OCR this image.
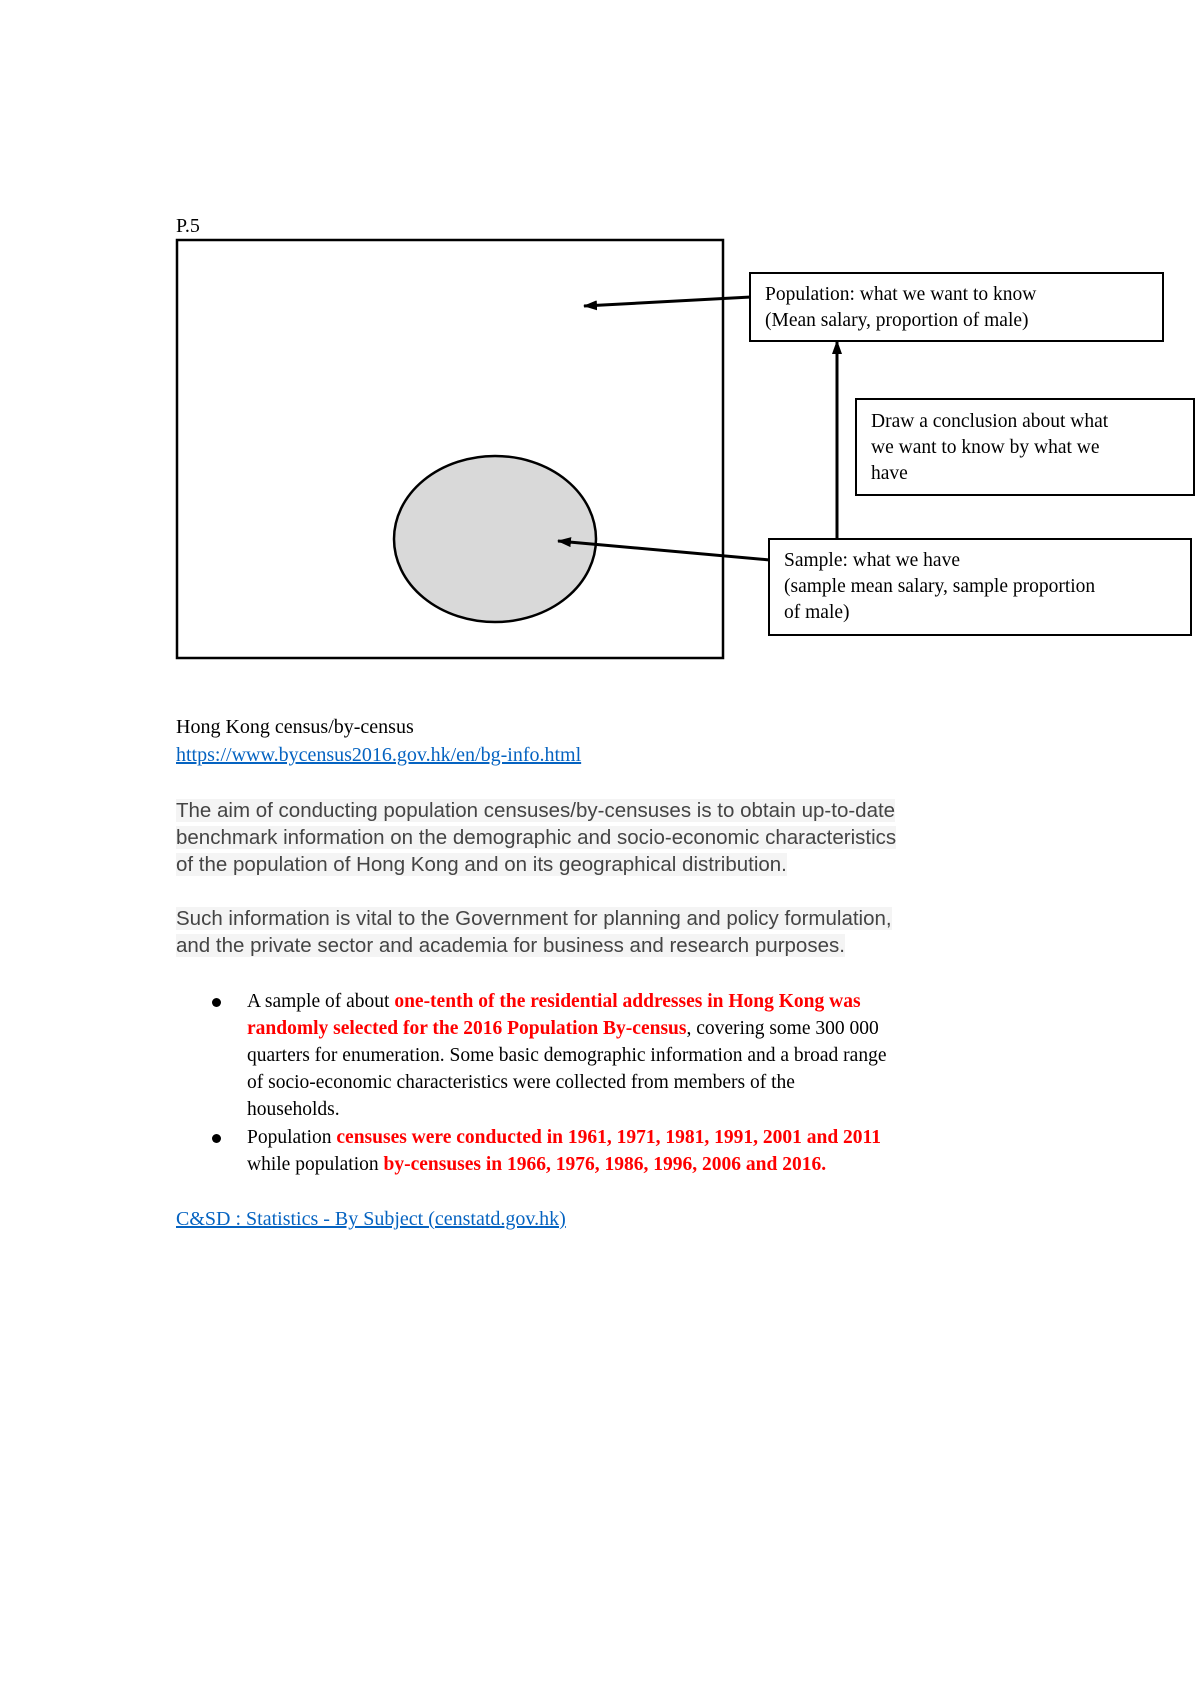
P.5
Population: what we want to know
(Mean salary, proportion of male)
Draw a conclusion about what
we want to know by what we
have
Sample: what we have
(sample mean salary, sample proportion
of male)
Hong Kong census/by-census
https://www.bycensus2016.gov.hk/en/bg-info.html
The aim of conducting population censuses/by-censuses is to obtain up-to-date
benchmark information on the demographic and socio-economic characteristics
of the population of Hong Kong and on its geographical distribution.
Such information is vital to the Government for planning and policy formulation,
and the private sector and academia for business and research purposes.
A sample of about one-tenth of the residential addresses in Hong Kong was
randomly selected for the 2016 Population By-census, covering some 300 000
quarters for enumeration. Some basic demographic information and a broad range
of socio-economic characteristics were collected from members of the
households.
Population censuses were conducted in 1961, 1971, 1981, 1991, 2001 and 2011
while population by-censuses in 1966, 1976, 1986, 1996, 2006 and 2016.
C&SD : Statistics - By Subject (censtatd.gov.hk)
